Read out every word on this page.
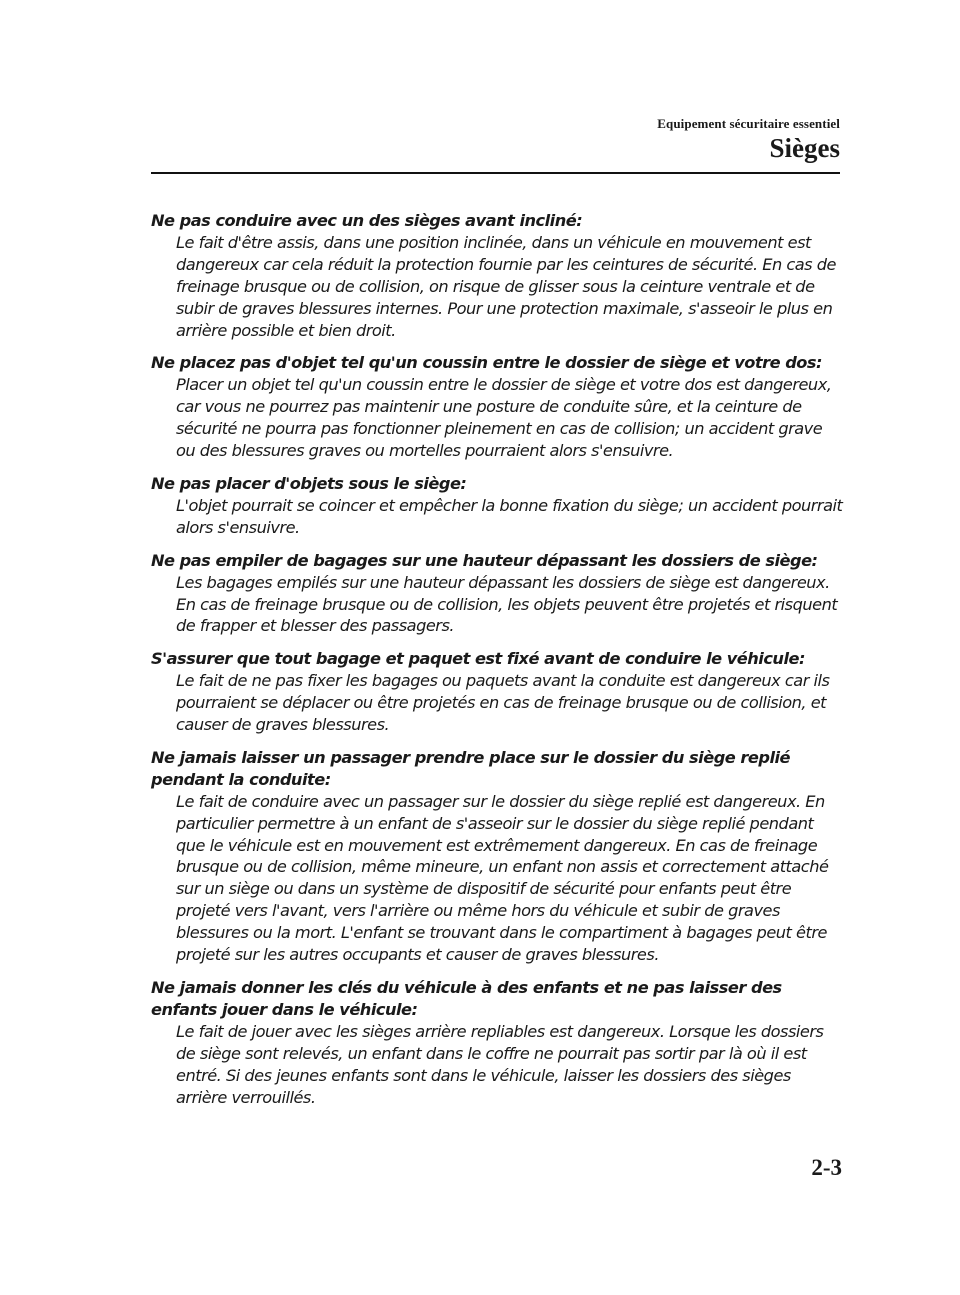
Equipement sécuritaire essentiel
Sièges
Ne pas conduire avec un des sièges avant incliné:
Le fait d'être assis, dans une position inclinée, dans un véhicule en mouvement est dangereux car cela réduit la protection fournie par les ceintures de sécurité. En cas de freinage brusque ou de collision, on risque de glisser sous la ceinture ventrale et de subir de graves blessures internes. Pour une protection maximale, s'asseoir le plus en arrière possible et bien droit.
Ne placez pas d'objet tel qu'un coussin entre le dossier de siège et votre dos:
Placer un objet tel qu'un coussin entre le dossier de siège et votre dos est dangereux, car vous ne pourrez pas maintenir une posture de conduite sûre, et la ceinture de sécurité ne pourra pas fonctionner pleinement en cas de collision; un accident grave ou des blessures graves ou mortelles pourraient alors s'ensuivre.
Ne pas placer d'objets sous le siège:
L'objet pourrait se coincer et empêcher la bonne fixation du siège; un accident pourrait alors s'ensuivre.
Ne pas empiler de bagages sur une hauteur dépassant les dossiers de siège:
Les bagages empilés sur une hauteur dépassant les dossiers de siège est dangereux. En cas de freinage brusque ou de collision, les objets peuvent être projetés et risquent de frapper et blesser des passagers.
S'assurer que tout bagage et paquet est fixé avant de conduire le véhicule:
Le fait de ne pas fixer les bagages ou paquets avant la conduite est dangereux car ils pourraient se déplacer ou être projetés en cas de freinage brusque ou de collision, et causer de graves blessures.
Ne jamais laisser un passager prendre place sur le dossier du siège replié pendant la conduite:
Le fait de conduire avec un passager sur le dossier du siège replié est dangereux. En particulier permettre à un enfant de s'asseoir sur le dossier du siège replié pendant que le véhicule est en mouvement est extrêmement dangereux. En cas de freinage brusque ou de collision, même mineure, un enfant non assis et correctement attaché sur un siège ou dans un système de dispositif de sécurité pour enfants peut être projeté vers l'avant, vers l'arrière ou même hors du véhicule et subir de graves blessures ou la mort. L'enfant se trouvant dans le compartiment à bagages peut être projeté sur les autres occupants et causer de graves blessures.
Ne jamais donner les clés du véhicule à des enfants et ne pas laisser des enfants jouer dans le véhicule:
Le fait de jouer avec les sièges arrière repliables est dangereux. Lorsque les dossiers de siège sont relevés, un enfant dans le coffre ne pourrait pas sortir par là où il est entré. Si des jeunes enfants sont dans le véhicule, laisser les dossiers des sièges arrière verrouillés.
2-3
